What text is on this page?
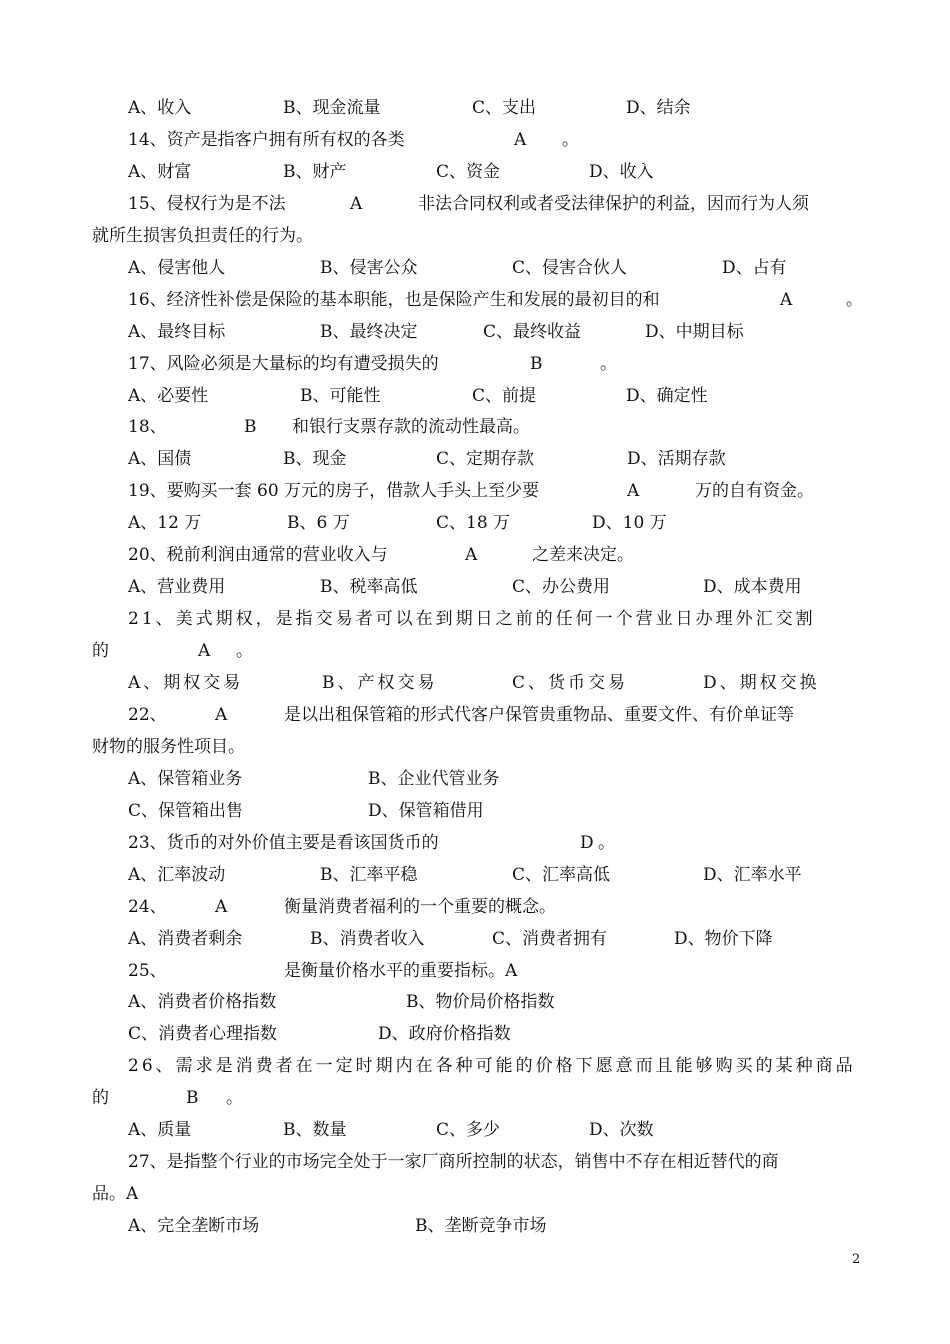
A、收入	B、现金流量	C、支出	D、结余
14、资产是指客户拥有所有权的各类	A 。
A、财富	B、财产	C、资金	D、收入
15、侵权行为是不法	A	非法合同权利或者受法律保护的利益，因而行为人须
就所生损害负担责任的行为。
A、侵害他人	B、侵害公众	C、侵害合伙人	D、占有
16、经济性补偿是保险的基本职能，也是保险产生和发展的最初目的和	A	。
A、最终目标	B、最终决定	C、最终收益	D、中期目标
17、风险必须是大量标的均有遭受损失的	B	。
A、必要性	B、可能性	C、前提	D、确定性
18、	B 和银行支票存款的流动性最高。
A、国债	B、现金	C、定期存款	D、活期存款
19、要购买一套 60 万元的房子，借款人手头上至少要	A	万的自有资金。
A、12 万	B、6 万	C、18 万	D、10 万
20、税前利润由通常的营业收入与	A	之差来决定。
A、营业费用	B、税率高低	C、办公费用	D、成本费用
21、美式期权，是指交易者可以在到期日之前的任何一个营业日办理外汇交割
的	A 。
A、期权交易	B、产权交易	C、货币交易	D、期权交换
22、	A	是以出租保管箱的形式代客户保管贵重物品、重要文件、有价单证等
财物的服务性项目。
A、保管箱业务	B、企业代管业务
C、保管箱出售	D、保管箱借用
23、货币的对外价值主要是看该国货币的	D 。
A、汇率波动	B、汇率平稳	C、汇率高低	D、汇率水平
24、	A	衡量消费者福利的一个重要的概念。
A、消费者剩余	B、消费者收入	C、消费者拥有	D、物价下降
25、	是衡量价格水平的重要指标。A
A、消费者价格指数	B、物价局价格指数
C、消费者心理指数	D、政府价格指数
26、需求是消费者在一定时期内在各种可能的价格下愿意而且能够购买的某种商品
的	B 。
A、质量	B、数量	C、多少	D、次数
27、是指整个行业的市场完全处于一家厂商所控制的状态，销售中不存在相近替代的商
品。A
A、完全垄断市场	B、垄断竞争市场
2
